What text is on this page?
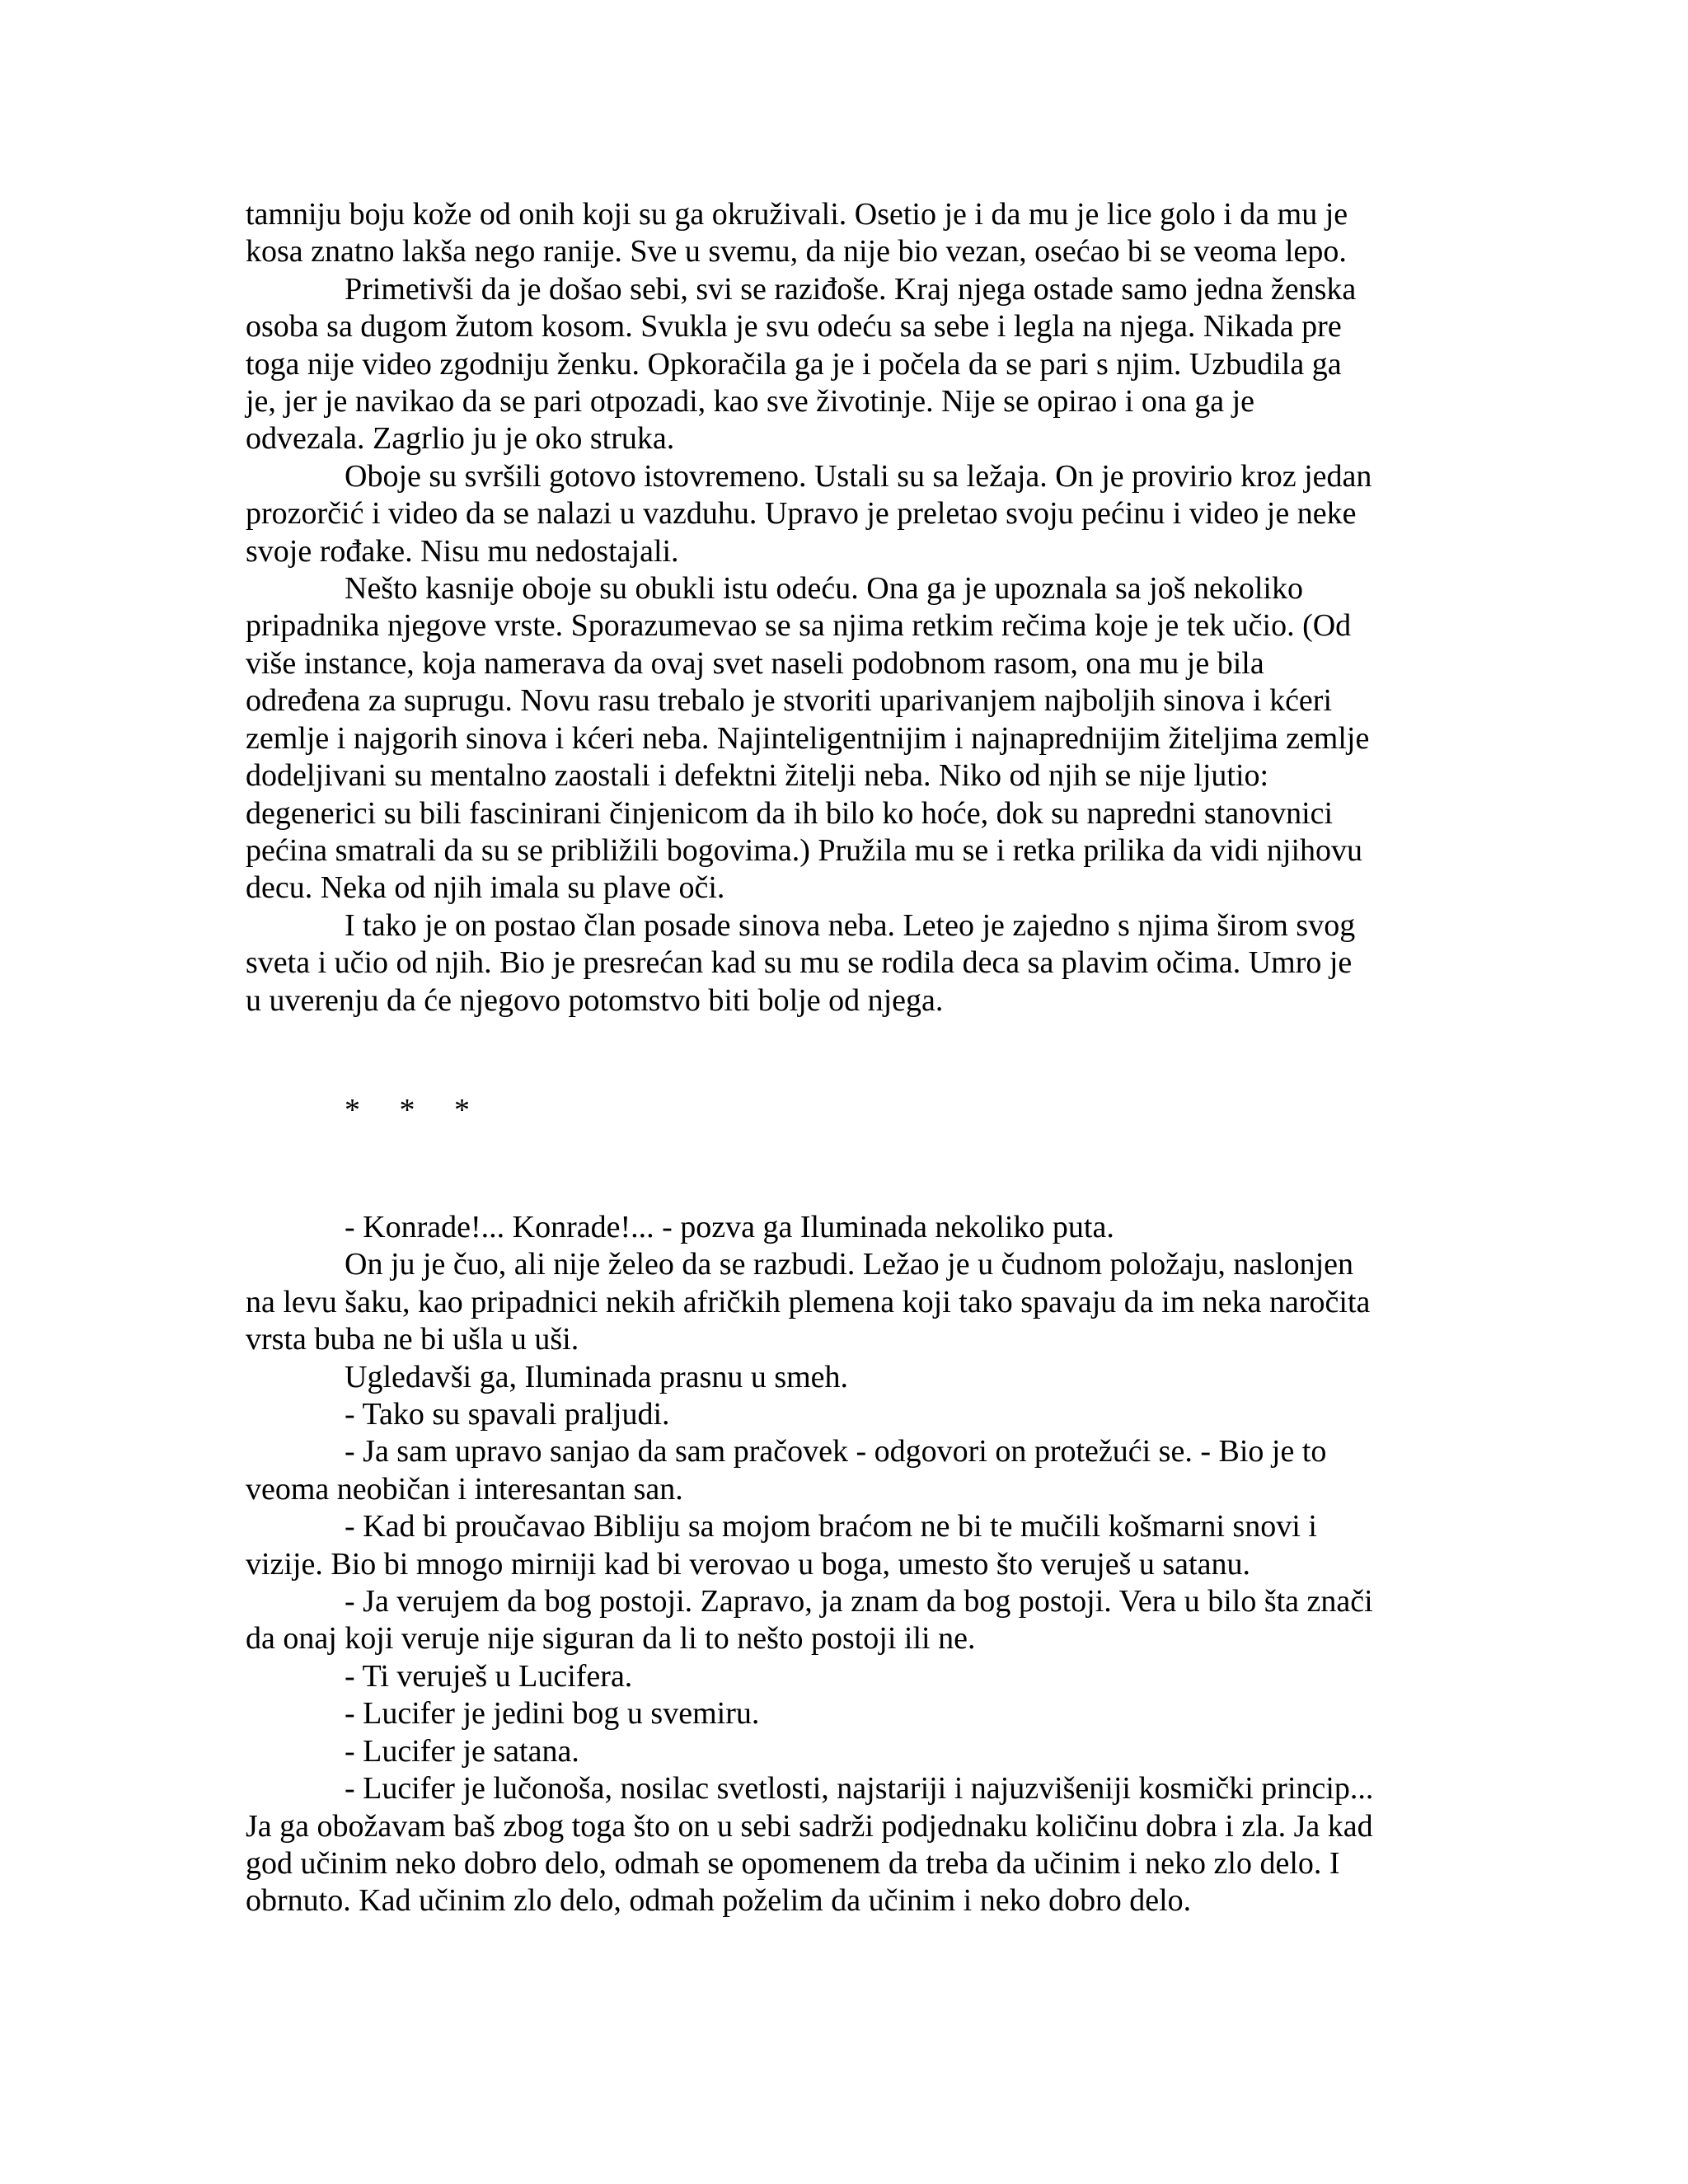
tamniju boju kože od onih koji su ga okruživali. Osetio je i da mu je lice golo i da mu je
kosa znatno lakša nego ranije. Sve u svemu, da nije bio vezan, osećao bi se veoma lepo.
Primetivši da je došao sebi, svi se raziđoše. Kraj njega ostade samo jedna ženska
osoba sa dugom žutom kosom. Svukla je svu odeću sa sebe i legla na njega. Nikada pre
toga nije video zgodniju ženku. Opkoračila ga je i počela da se pari s njim. Uzbudila ga
je, jer je navikao da se pari otpozadi, kao sve životinje. Nije se opirao i ona ga je
odvezala. Zagrlio ju je oko struka.
Oboje su svršili gotovo istovremeno. Ustali su sa ležaja. On je provirio kroz jedan
prozorčić i video da se nalazi u vazduhu. Upravo je preletao svoju pećinu i video je neke
svoje rođake. Nisu mu nedostajali.
Nešto kasnije oboje su obukli istu odeću. Ona ga je upoznala sa još nekoliko
pripadnika njegove vrste. Sporazumevao se sa njima retkim rečima koje je tek učio. (Od
više instance, koja namerava da ovaj svet naseli podobnom rasom, ona mu je bila
određena za suprugu. Novu rasu trebalo je stvoriti uparivanjem najboljih sinova i kćeri
zemlje i najgorih sinova i kćeri neba. Najinteligentnijim i najnaprednijim žiteljima zemlje
dodeljivani su mentalno zaostali i defektni žitelji neba. Niko od njih se nije ljutio:
degenerici su bili fascinirani činjenicom da ih bilo ko hoće, dok su napredni stanovnici
pećina smatrali da su se približili bogovima.) Pružila mu se i retka prilika da vidi njihovu
decu. Neka od njih imala su plave oči.
I tako je on postao član posade sinova neba. Leteo je zajedno s njima širom svog
sveta i učio od njih. Bio je presrećan kad su mu se rodila deca sa plavim očima. Umro je
u uverenju da će njegovo potomstvo biti bolje od njega.
*     *     *
- Konrade!... Konrade!... - pozva ga Iluminada nekoliko puta.
On ju je čuo, ali nije želeo da se razbudi. Ležao je u čudnom položaju, naslonjen
na levu šaku, kao pripadnici nekih afričkih plemena koji tako spavaju da im neka naročita
vrsta buba ne bi ušla u uši.
Ugledavši ga, Iluminada prasnu u smeh.
- Tako su spavali praljudi.
- Ja sam upravo sanjao da sam pračovek - odgovori on protežući se. - Bio je to
veoma neobičan i interesantan san.
- Kad bi proučavao Bibliju sa mojom braćom ne bi te mučili košmarni snovi i
vizije. Bio bi mnogo mirniji kad bi verovao u boga, umesto što veruješ u satanu.
- Ja verujem da bog postoji. Zapravo, ja znam da bog postoji. Vera u bilo šta znači
da onaj koji veruje nije siguran da li to nešto postoji ili ne.
- Ti veruješ u Lucifera.
- Lucifer je jedini bog u svemiru.
- Lucifer je satana.
- Lucifer je lučonoša, nosilac svetlosti, najstariji i najuzvišeniji kosmički princip...
Ja ga obožavam baš zbog toga što on u sebi sadrži podjednaku količinu dobra i zla. Ja kad
god učinim neko dobro delo, odmah se opomenem da treba da učinim i neko zlo delo. I
obrnuto. Kad učinim zlo delo, odmah poželim da učinim i neko dobro delo.
